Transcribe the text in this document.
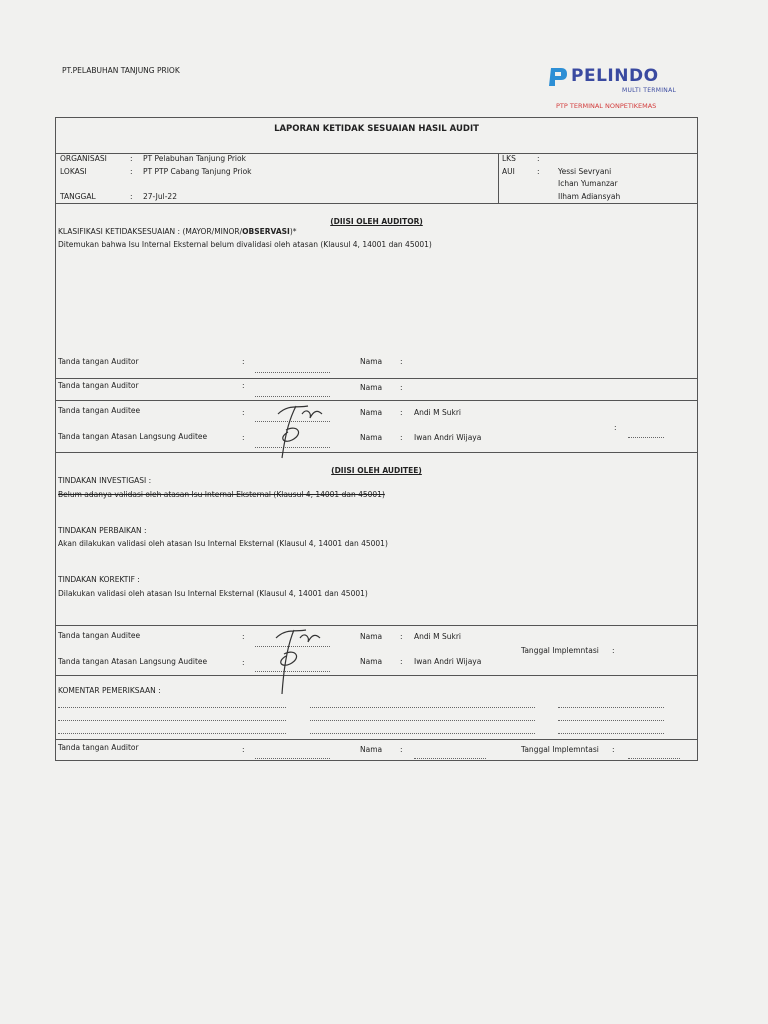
PT.PELABUHAN TANJUNG PRIOK	PELINDO
MULTI TERMINAL
PTP TERMINAL NONPETIKEMAS
LAPORAN KETIDAK SESUAIAN HASIL AUDIT
ORGANISASI	: PT Pelabuhan Tanjung Priok
LOKASI	: PT PTP Cabang Tanjung Priok
TANGGAL	: 27-Jul-22
LKS	:
AUI	: Yessi Sevryani
Ichan Yumanzar
Ilham Adiansyah
(DIISI OLEH AUDITOR)
KLASIFIKASI KETIDAKSESUAIAN : (MAYOR/MINOR/OBSERVASI)*
Ditemukan bahwa Isu Internal Eksternal belum divalidasi oleh atasan (Klausul 4, 14001 dan 45001)
Tanda tangan Auditor	:	Nama :
Tanda tangan Auditor	:	Nama :
Tanda tangan Auditee	:	Nama : Andi M Sukri
Tanda tangan Atasan Langsung Auditee	:	Nama : Iwan Andri Wijaya
:
(DIISI OLEH AUDITEE)
TINDAKAN INVESTIGASI :
Belum adanya validasi oleh atasan Isu Internal Eksternal (Klausul 4, 14001 dan 45001)
TINDAKAN PERBAIKAN :
Akan dilakukan validasi oleh atasan Isu Internal Eksternal (Klausul 4, 14001 dan 45001)
TINDAKAN KOREKTIF :
Dilakukan validasi oleh atasan Isu Internal Eksternal (Klausul 4, 14001 dan 45001)
Tanda tangan Auditee	:	Nama : Andi M Sukri
Tanggal Implemntasi :
Tanda tangan Atasan Langsung Auditee	:	Nama : Iwan Andri Wijaya
KOMENTAR PEMERIKSAAN :
Tanda tangan Auditor	:	Nama :	Tanggal Implemntasi :
